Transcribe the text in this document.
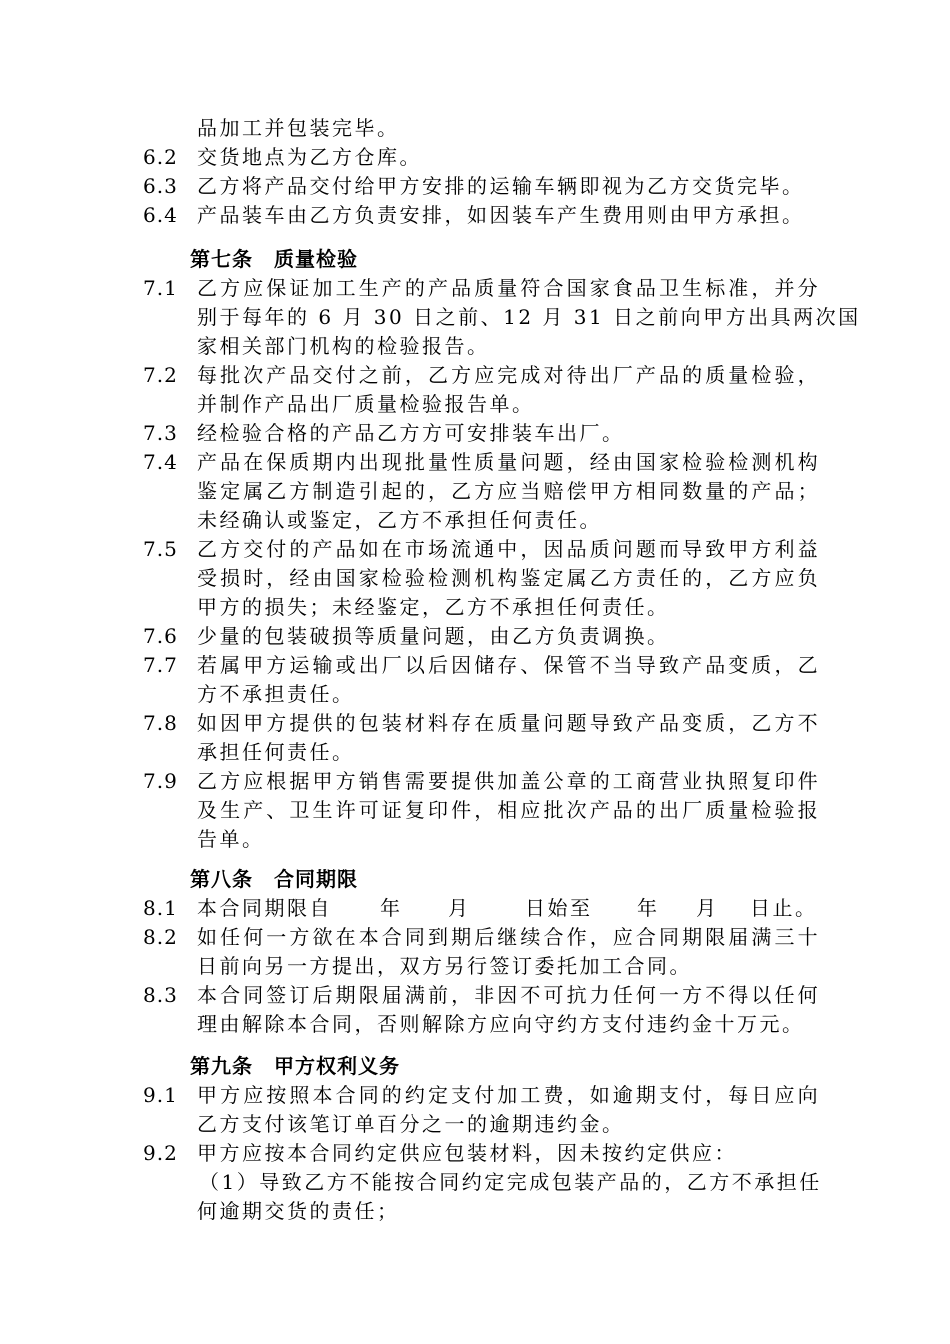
品加工并包装完毕。
6.2 交货地点为乙方仓库。
6.3 乙方将产品交付给甲方安排的运输车辆即视为乙方交货完毕。
6.4 产品装车由乙方负责安排，如因装车产生费用则由甲方承担。
第七条　质量检验
7.1 乙方应保证加工生产的产品质量符合国家食品卫生标准，并分
别于每年的 6 月 30 日之前、12 月 31 日之前向甲方出具两次国
家相关部门机构的检验报告。
7.2 每批次产品交付之前，乙方应完成对待出厂产品的质量检验，
并制作产品出厂质量检验报告单。
7.3 经检验合格的产品乙方方可安排装车出厂。
7.4 产品在保质期内出现批量性质量问题，经由国家检验检测机构
鉴定属乙方制造引起的，乙方应当赔偿甲方相同数量的产品；
未经确认或鉴定，乙方不承担任何责任。
7.5 乙方交付的产品如在市场流通中，因品质问题而导致甲方利益
受损时，经由国家检验检测机构鉴定属乙方责任的，乙方应负
甲方的损失；未经鉴定，乙方不承担任何责任。
7.6 少量的包装破损等质量问题，由乙方负责调换。
7.7 若属甲方运输或出厂以后因储存、保管不当导致产品变质，乙
方不承担责任。
7.8 如因甲方提供的包装材料存在质量问题导致产品变质，乙方不
承担任何责任。
7.9 乙方应根据甲方销售需要提供加盖公章的工商营业执照复印件
及生产、卫生许可证复印件，相应批次产品的出厂质量检验报
告单。
第八条　合同期限
8.1 本合同期限自 年 月	日始至 年 月 日止。
8.2 如任何一方欲在本合同到期后继续合作，应合同期限届满三十
日前向另一方提出，双方另行签订委托加工合同。
8.3 本合同签订后期限届满前，非因不可抗力任何一方不得以任何
理由解除本合同，否则解除方应向守约方支付违约金十万元。
第九条　甲方权利义务
9.1 甲方应按照本合同的约定支付加工费，如逾期支付，每日应向
乙方支付该笔订单百分之一的逾期违约金。
9.2 甲方应按本合同约定供应包装材料，因未按约定供应：
（1）导致乙方不能按合同约定完成包装产品的，乙方不承担任
何逾期交货的责任；
